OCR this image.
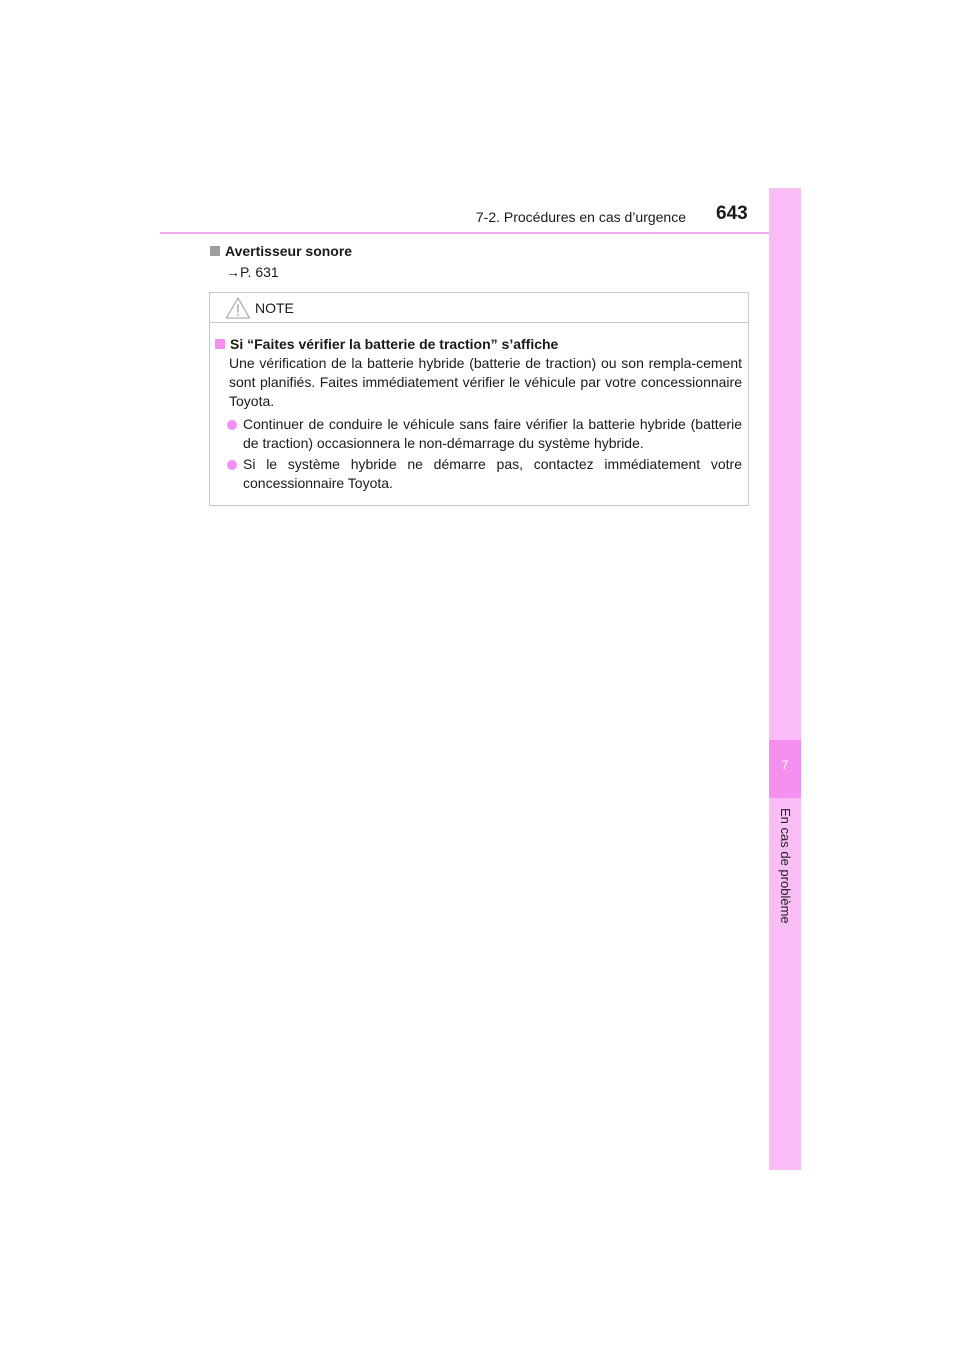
7-2. Procédures en cas d’urgence 643
7
En cas de problème
Avertisseur sonore
→P. 631
NOTE
Si “Faites vérifier la batterie de traction” s’affiche
Une vérification de la batterie hybride (batterie de traction) ou son rempla-cement sont planifiés. Faites immédiatement vérifier le véhicule par votre concessionnaire Toyota.
Continuer de conduire le véhicule sans faire vérifier la batterie hybride (batterie de traction) occasionnera le non-démarrage du système hybride.
Si le système hybride ne démarre pas, contactez immédiatement votre concessionnaire Toyota.
